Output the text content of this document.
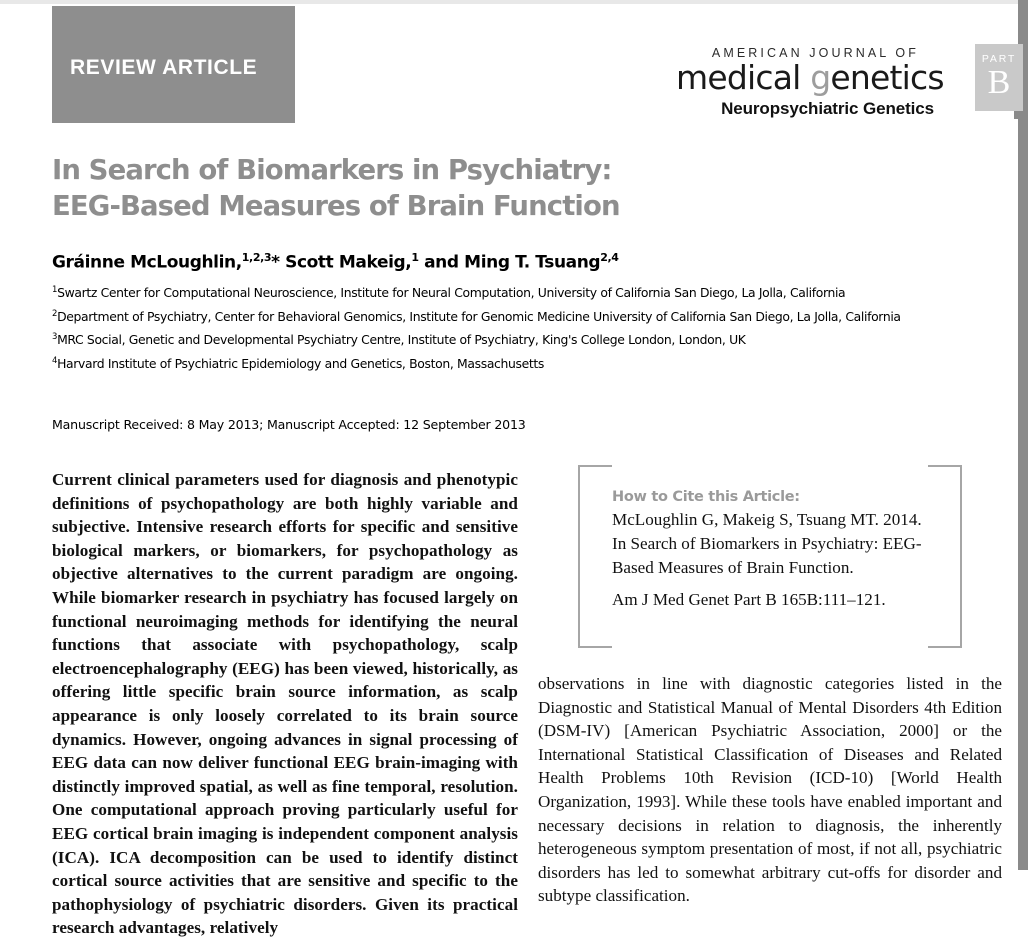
REVIEW ARTICLE
AMERICAN JOURNAL OF
medical genetics
Neuropsychiatric Genetics
PART
B
In Search of Biomarkers in Psychiatry:
EEG-Based Measures of Brain Function
Gráinne McLoughlin,$^{1,2,3}$* Scott Makeig,$^1$ and Ming T. Tsuang$^{2,4}$
$^1$Swartz Center for Computational Neuroscience, Institute for Neural Computation, University of California San Diego, La Jolla, California
$^2$Department of Psychiatry, Center for Behavioral Genomics, Institute for Genomic Medicine University of California San Diego, La Jolla, California
$^3$MRC Social, Genetic and Developmental Psychiatry Centre, Institute of Psychiatry, King's College London, London, UK
$^4$Harvard Institute of Psychiatric Epidemiology and Genetics, Boston, Massachusetts
Manuscript Received: 8 May 2013; Manuscript Accepted: 12 September 2013
Current clinical parameters used for diagnosis and phenotypic definitions of psychopathology are both highly variable and subjective. Intensive research efforts for specific and sensitive biological markers, or biomarkers, for psychopathology as objective alternatives to the current paradigm are ongoing. While biomarker research in psychiatry has focused largely on functional neuroimaging methods for identifying the neural functions that associate with psychopathology, scalp electroencephalography (EEG) has been viewed, historically, as offering little specific brain source information, as scalp appearance is only loosely correlated to its brain source dynamics. However, ongoing advances in signal processing of EEG data can now deliver functional EEG brain-imaging with distinctly improved spatial, as well as fine temporal, resolution. One computational approach proving particularly useful for EEG cortical brain imaging is independent component analysis (ICA). ICA decomposition can be used to identify distinct cortical source activities that are sensitive and specific to the pathophysiology of psychiatric disorders. Given its practical research advantages, relatively
How to Cite this Article:
McLoughlin G, Makeig S, Tsuang MT. 2014. In Search of Biomarkers in Psychiatry: EEG-Based Measures of Brain Function.
Am J Med Genet Part B 165B:111–121.
observations in line with diagnostic categories listed in the Diagnostic and Statistical Manual of Mental Disorders 4th Edition (DSM-IV) [American Psychiatric Association, 2000] or the International Statistical Classification of Diseases and Related Health Problems 10th Revision (ICD-10) [World Health Organization, 1993]. While these tools have enabled important and necessary decisions in relation to diagnosis, the inherently heterogeneous symptom presentation of most, if not all, psychiatric disorders has led to somewhat arbitrary cut-offs for disorder and subtype classification.
